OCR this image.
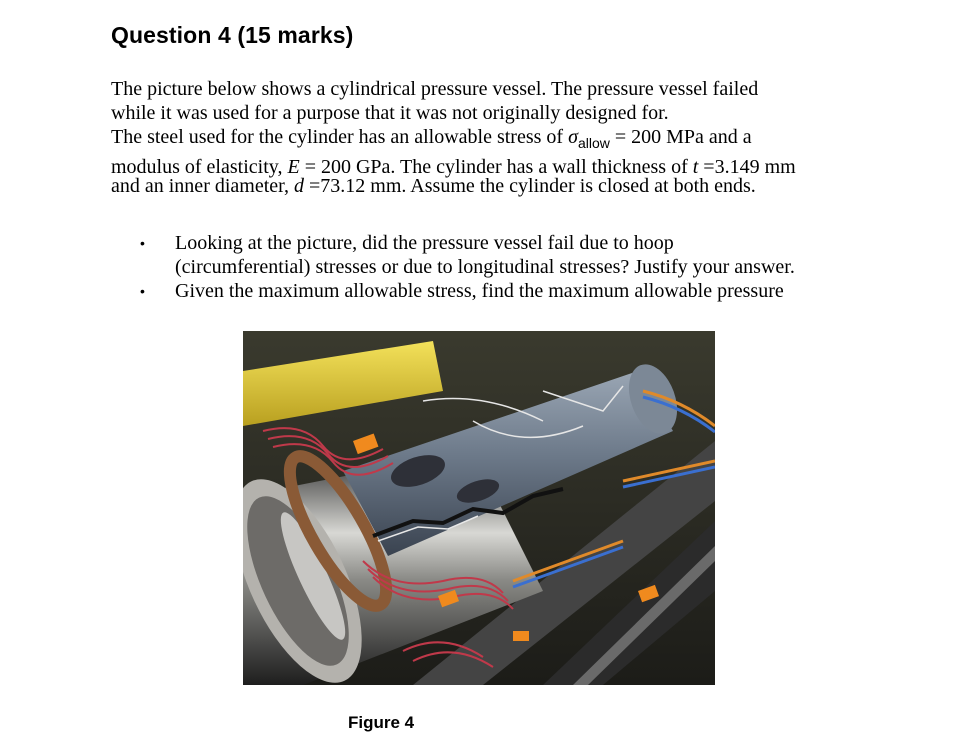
Question 4 (15 marks)
The picture below shows a cylindrical pressure vessel. The pressure vessel failed
while it was used for a purpose that it was not originally designed for.
The steel used for the cylinder has an allowable stress of $\sigma_{allow} = 200$ MPa and a
modulus of elasticity, E = 200 GPa. The cylinder has a wall thickness of t =3.149 mm
and an inner diameter, d =73.12 mm. Assume the cylinder is closed at both ends.
• Looking at the picture, did the pressure vessel fail due to hoop
(circumferential) stresses or due to longitudinal stresses? Justify your answer.
• Given the maximum allowable stress, find the maximum allowable pressure
Figure 4
